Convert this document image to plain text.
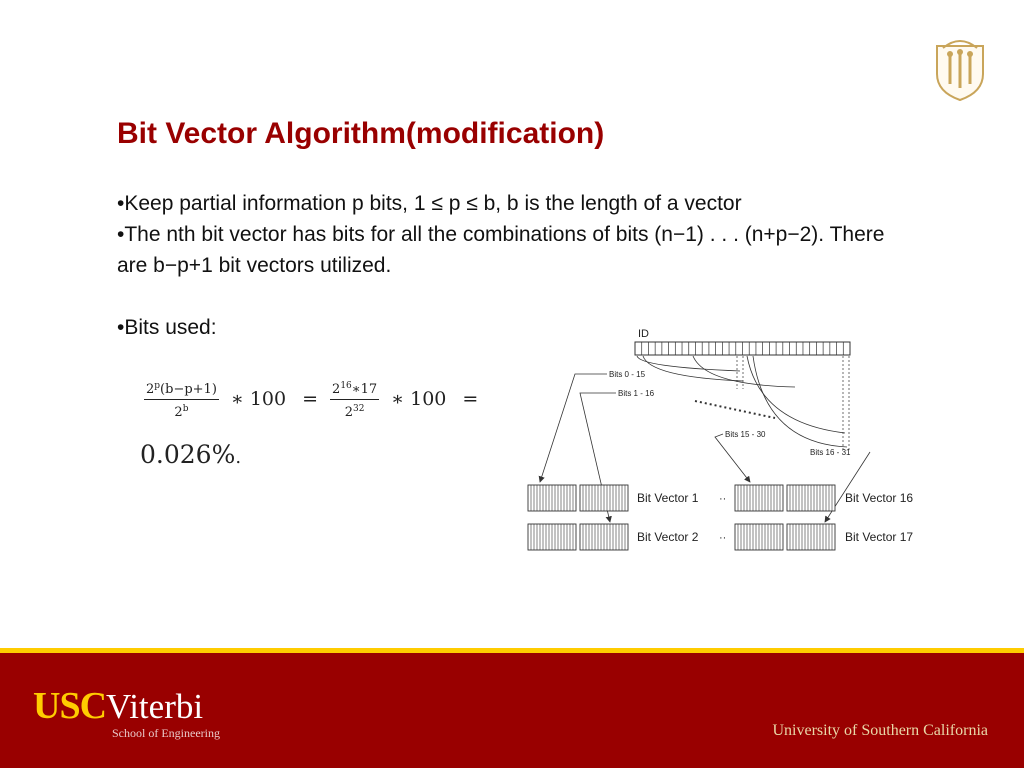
Bit Vector Algorithm(modification)

•Keep partial information p bits, 1 ≤ p ≤ b, b is the length of a vector

•The nth bit vector has bits for all the combinations of bits (n−1) . . . (n+p−2). There are b−p+1 bit vectors utilized.

•Bits used:

$\frac{2^p(b-p+1)}{2^b}$ ∗ $100 = \frac{2^{16}∗17}{2^{32}}$ ∗ 100 =
0.026%.
ID
Bits 0 - 15
Bits 1 - 16
Bits 15 - 30
Bits 16 - 31
Bit Vector 1
Bit Vector 2
Bit Vector 16
Bit Vector 17
··
··
USCViterbi
School of Engineering	University of Southern California
